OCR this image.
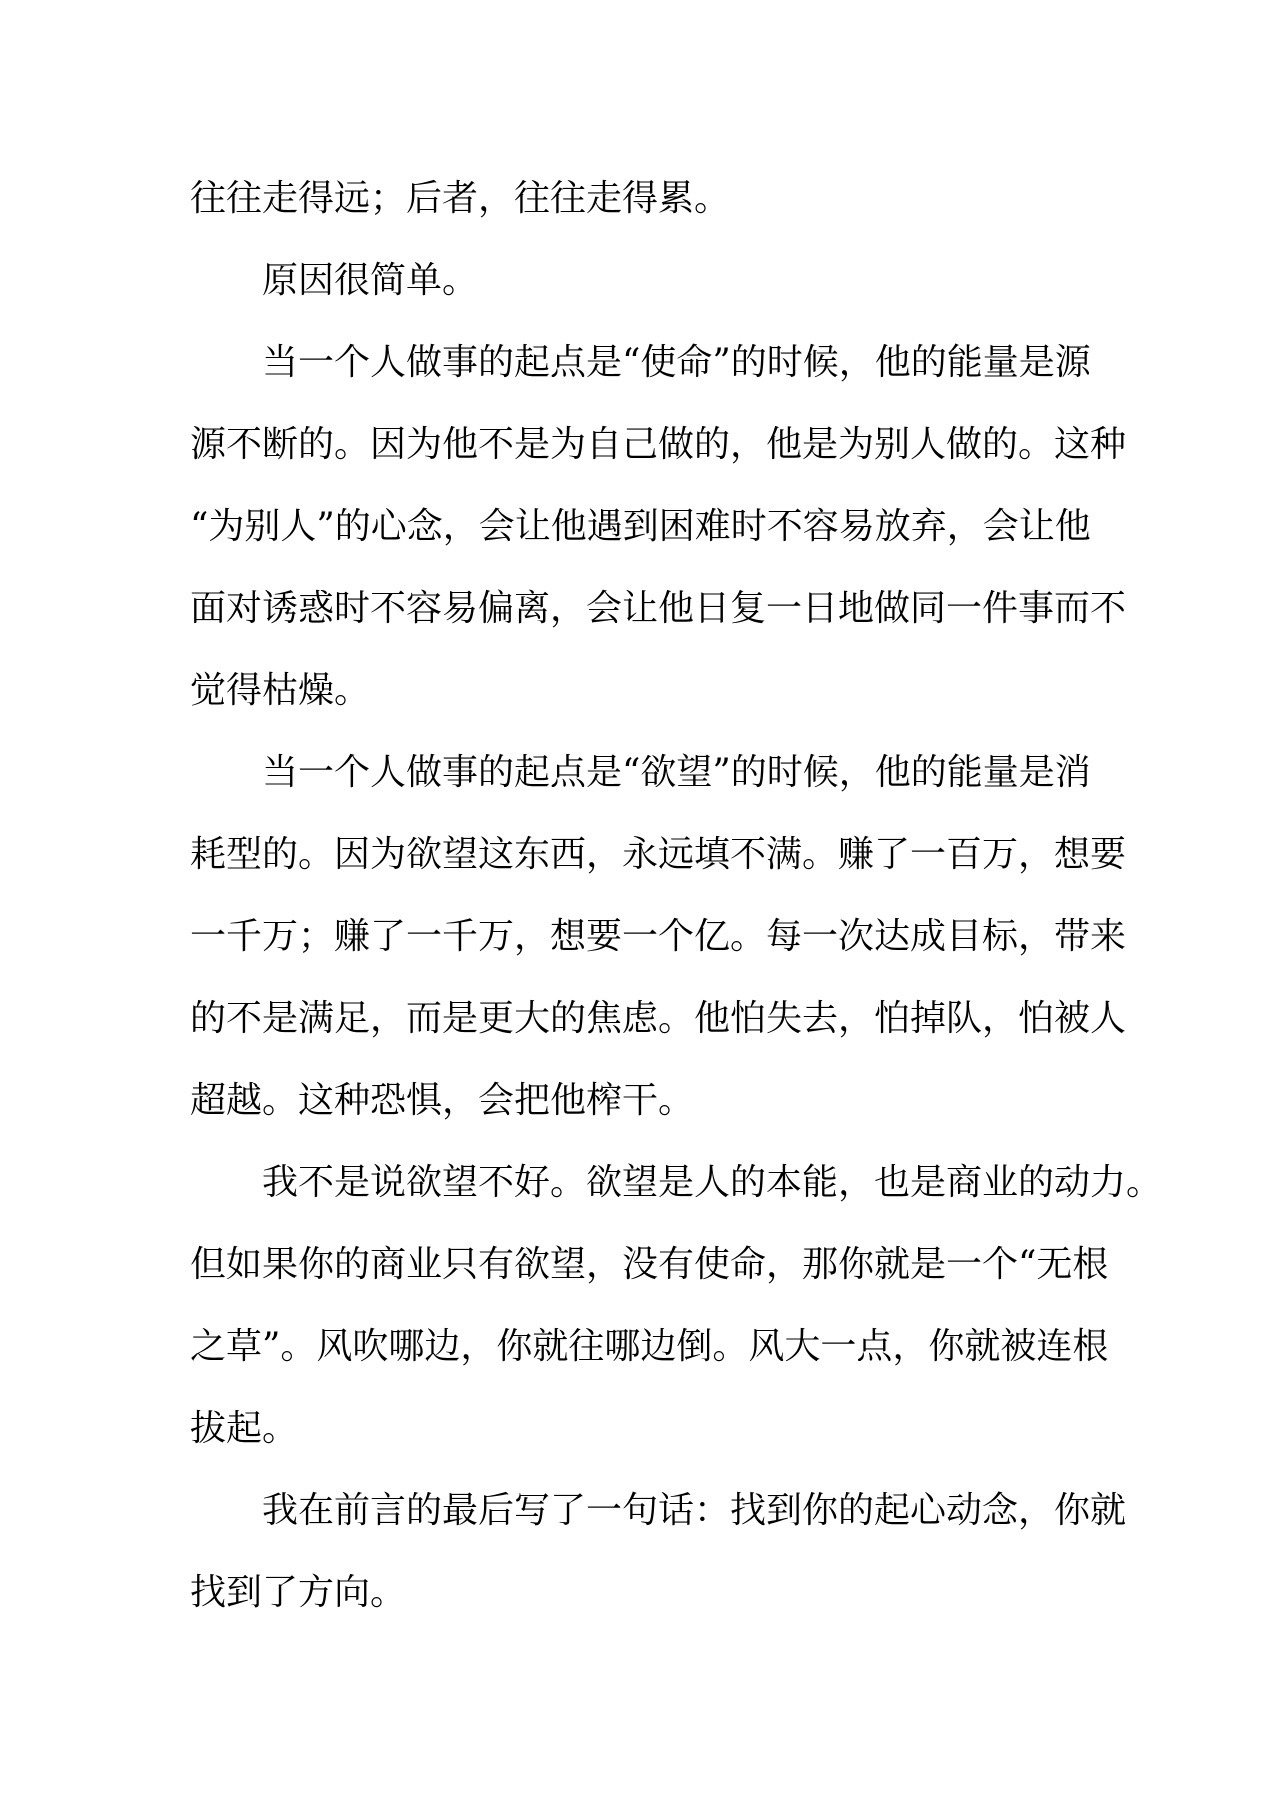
往往走得远；后者，往往走得累。
原因很简单。
当一个人做事的起点是“使命”的时候，他的能量是源
源不断的。因为他不是为自己做的，他是为别人做的。这种
“为别人”的心念，会让他遇到困难时不容易放弃，会让他
面对诱惑时不容易偏离，会让他日复一日地做同一件事而不
觉得枯燥。
当一个人做事的起点是“欲望”的时候，他的能量是消
耗型的。因为欲望这东西，永远填不满。赚了一百万，想要
一千万；赚了一千万，想要一个亿。每一次达成目标，带来
的不是满足，而是更大的焦虑。他怕失去，怕掉队，怕被人
超越。这种恐惧，会把他榨干。
我不是说欲望不好。欲望是人的本能，也是商业的动力。
但如果你的商业只有欲望，没有使命，那你就是一个“无根
之草”。风吹哪边，你就往哪边倒。风大一点，你就被连根
拔起。
我在前言的最后写了一句话：找到你的起心动念，你就
找到了方向。
